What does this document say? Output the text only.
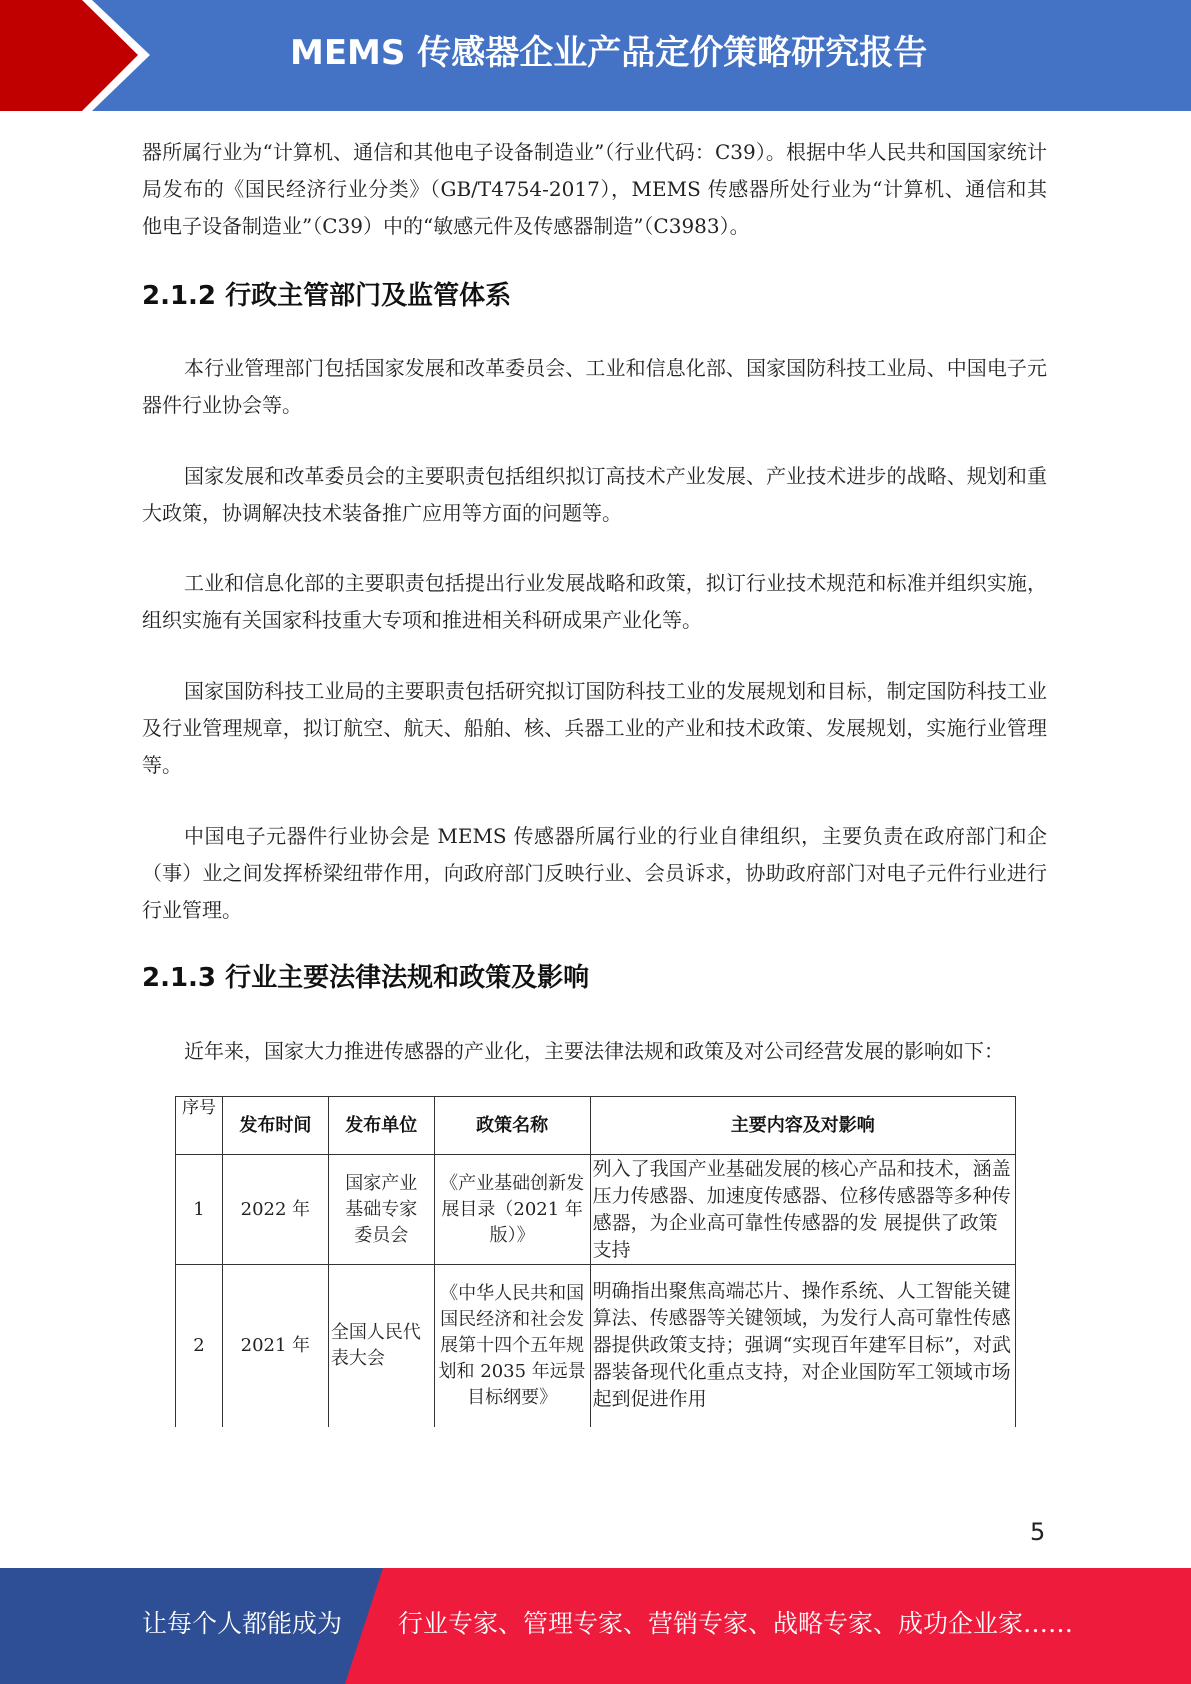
MEMS 传感器企业产品定价策略研究报告

器所属行业为“计算机、通信和其他电子设备制造业”（行业代码：C39）。根据中华人民共和国国家统计局发布的《国民经济行业分类》（GB/T4754-2017），MEMS 传感器所处行业为“计算机、通信和其他电子设备制造业”（C39）中的“敏感元件及传感器制造”（C3983）。

2.1.2 行政主管部门及监管体系

本行业管理部门包括国家发展和改革委员会、工业和信息化部、国家国防科技工业局、中国电子元器件行业协会等。

国家发展和改革委员会的主要职责包括组织拟订高技术产业发展、产业技术进步的战略、规划和重大政策，协调解决技术装备推广应用等方面的问题等。

工业和信息化部的主要职责包括提出行业发展战略和政策，拟订行业技术规范和标准并组织实施，组织实施有关国家科技重大专项和推进相关科研成果产业化等。

国家国防科技工业局的主要职责包括研究拟订国防科技工业的发展规划和目标，制定国防科技工业及行业管理规章，拟订航空、航天、船舶、核、兵器工业的产业和技术政策、发展规划，实施行业管理等。

中国电子元器件行业协会是 MEMS 传感器所属行业的行业自律组织，主要负责在政府部门和企（事）业之间发挥桥梁纽带作用，向政府部门反映行业、会员诉求，协助政府部门对电子元件行业进行行业管理。

2.1.3 行业主要法律法规和政策及影响

近年来，国家大力推进传感器的产业化，主要法律法规和政策及对公司经营发展的影响如下：

序号	发布时间	发布单位	政策名称	主要内容及对影响
1	2022 年	国家产业基础专家委员会	《产业基础创新发展目录（2021 年版）》	列入了我国产业基础发展的核心产品和技术，涵盖压力传感器、加速度传感器、位移传感器等多种传感器，为企业高可靠性传感器的发 展提供了政策支持
2	2021 年	全国人民代表大会	《中华人民共和国国民经济和社会发展第十四个五年规划和 2035 年远景目标纲要》	明确指出聚焦高端芯片、操作系统、人工智能关键算法、传感器等关键领域，为发行人高可靠性传感器提供政策支持；强调“实现百年建军目标”，对武器装备现代化重点支持，对企业国防军工领域市场起到促进作用
5
让每个人都能成为 行业专家、管理专家、营销专家、战略专家、成功企业家……
